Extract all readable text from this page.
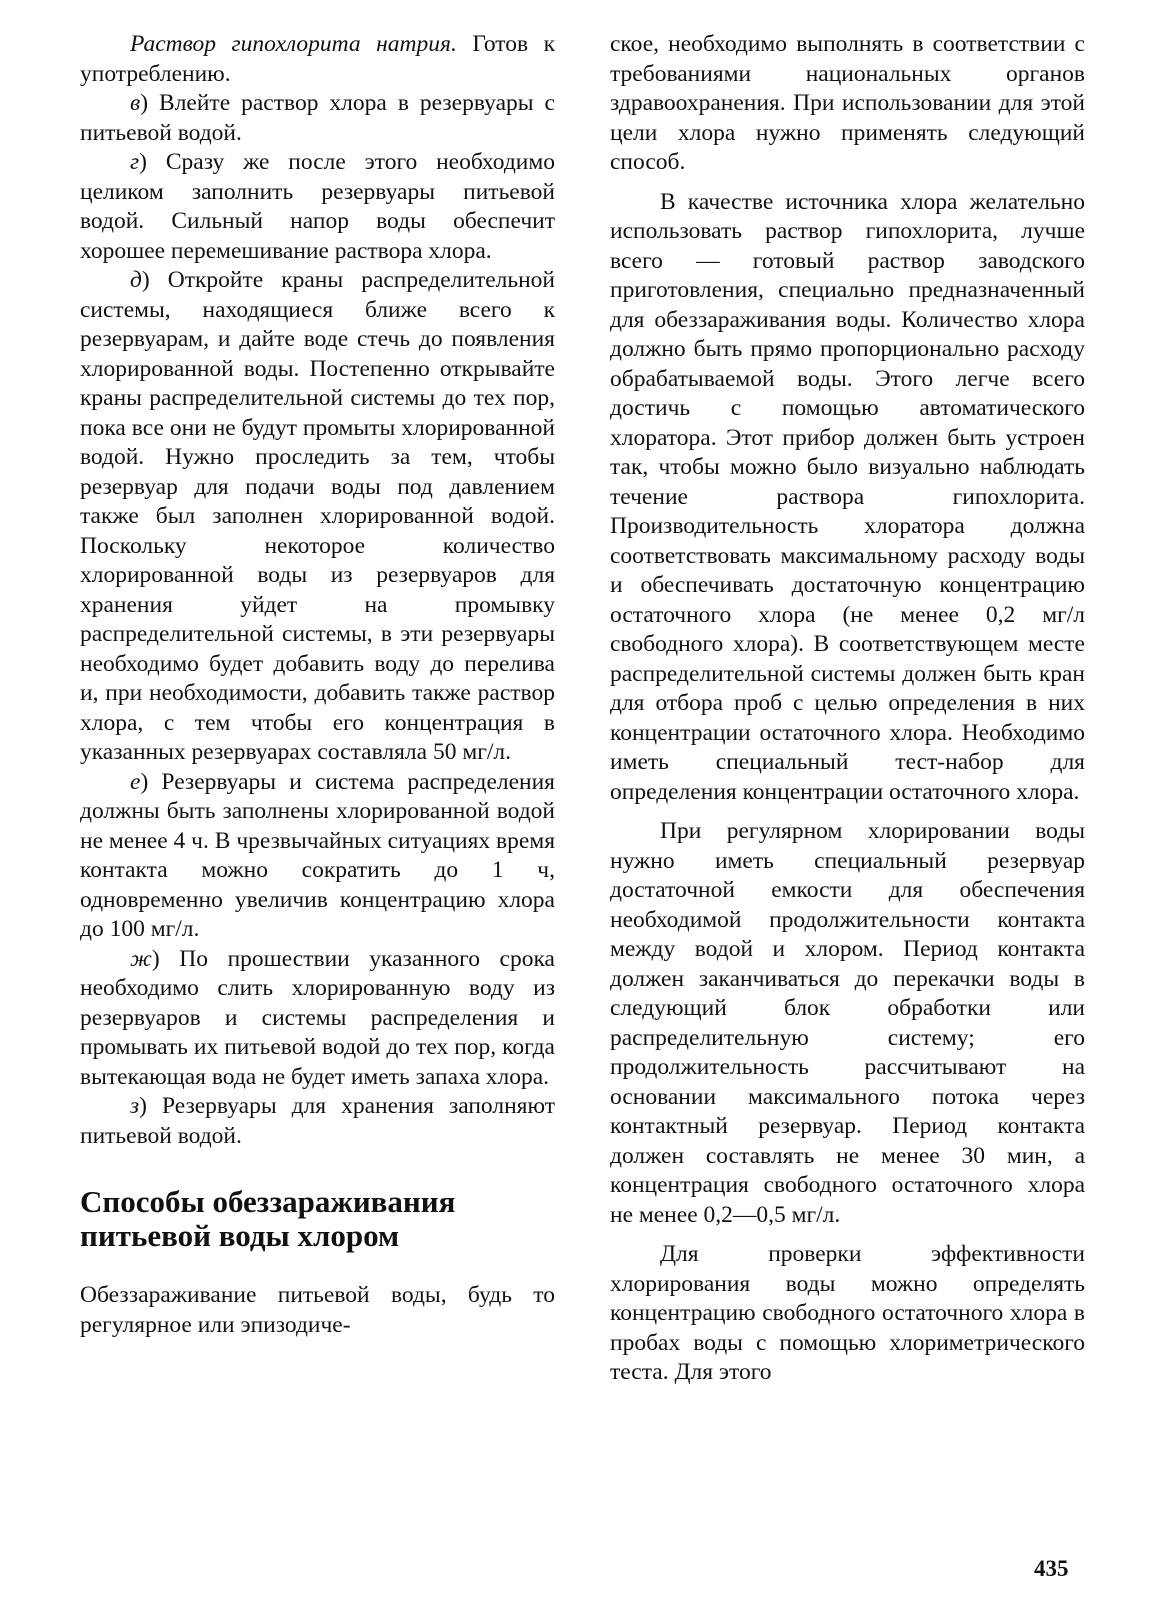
Раствор гипохлорита натрия. Готов к употреблению.

в) Влейте раствор хлора в резервуары с питьевой водой.

г) Сразу же после этого необходимо целиком заполнить резервуары питьевой водой. Сильный напор воды обеспечит хорошее перемешивание раствора хлора.

д) Откройте краны распределительной системы, находящиеся ближе всего к резервуарам, и дайте воде стечь до появления хлорированной воды. Постепенно открывайте краны распределительной системы до тех пор, пока все они не будут промыты хлорированной водой. Нужно проследить за тем, чтобы резервуар для подачи воды под давлением также был заполнен хлорированной водой. Поскольку некоторое количество хлорированной воды из резервуаров для хранения уйдет на промывку распределительной системы, в эти резервуары необходимо будет добавить воду до перелива и, при необходимости, добавить также раствор хлора, с тем чтобы его концентрация в указанных резервуарах составляла 50 мг/л.

е) Резервуары и система распределения должны быть заполнены хлорированной водой не менее 4 ч. В чрезвычайных ситуациях время контакта можно сократить до 1 ч, одновременно увеличив концентрацию хлора до 100 мг/л.

ж) По прошествии указанного срока необходимо слить хлорированную воду из резервуаров и системы распределения и промывать их питьевой водой до тех пор, когда вытекающая вода не будет иметь запаха хлора.

з) Резервуары для хранения заполняют питьевой водой.

Способы обеззараживания питьевой воды хлором

Обеззараживание питьевой воды, будь то регулярное или эпизодиче-

ское, необходимо выполнять в соответствии с требованиями национальных органов здравоохранения. При использовании для этой цели хлора нужно применять следующий способ.

В качестве источника хлора желательно использовать раствор гипохлорита, лучше всего — готовый раствор заводского приготовления, специально предназначенный для обеззараживания воды. Количество хлора должно быть прямо пропорционально расходу обрабатываемой воды. Этого легче всего достичь с помощью автоматического хлоратора. Этот прибор должен быть устроен так, чтобы можно было визуально наблюдать течение раствора гипохлорита. Производительность хлоратора должна соответствовать максимальному расходу воды и обеспечивать достаточную концентрацию остаточного хлора (не менее 0,2 мг/л свободного хлора). В соответствующем месте распределительной системы должен быть кран для отбора проб с целью определения в них концентрации остаточного хлора. Необходимо иметь специальный тест-набор для определения концентрации остаточного хлора.

При регулярном хлорировании воды нужно иметь специальный резервуар достаточной емкости для обеспечения необходимой продолжительности контакта между водой и хлором. Период контакта должен заканчиваться до перекачки воды в следующий блок обработки или распределительную систему; его продолжительность рассчитывают на основании максимального потока через контактный резервуар. Период контакта должен составлять не менее 30 мин, а концентрация свободного остаточного хлора не менее 0,2—0,5 мг/л.

Для проверки эффективности хлорирования воды можно определять концентрацию свободного остаточного хлора в пробах воды с помощью хлориметрического теста. Для этого

435
